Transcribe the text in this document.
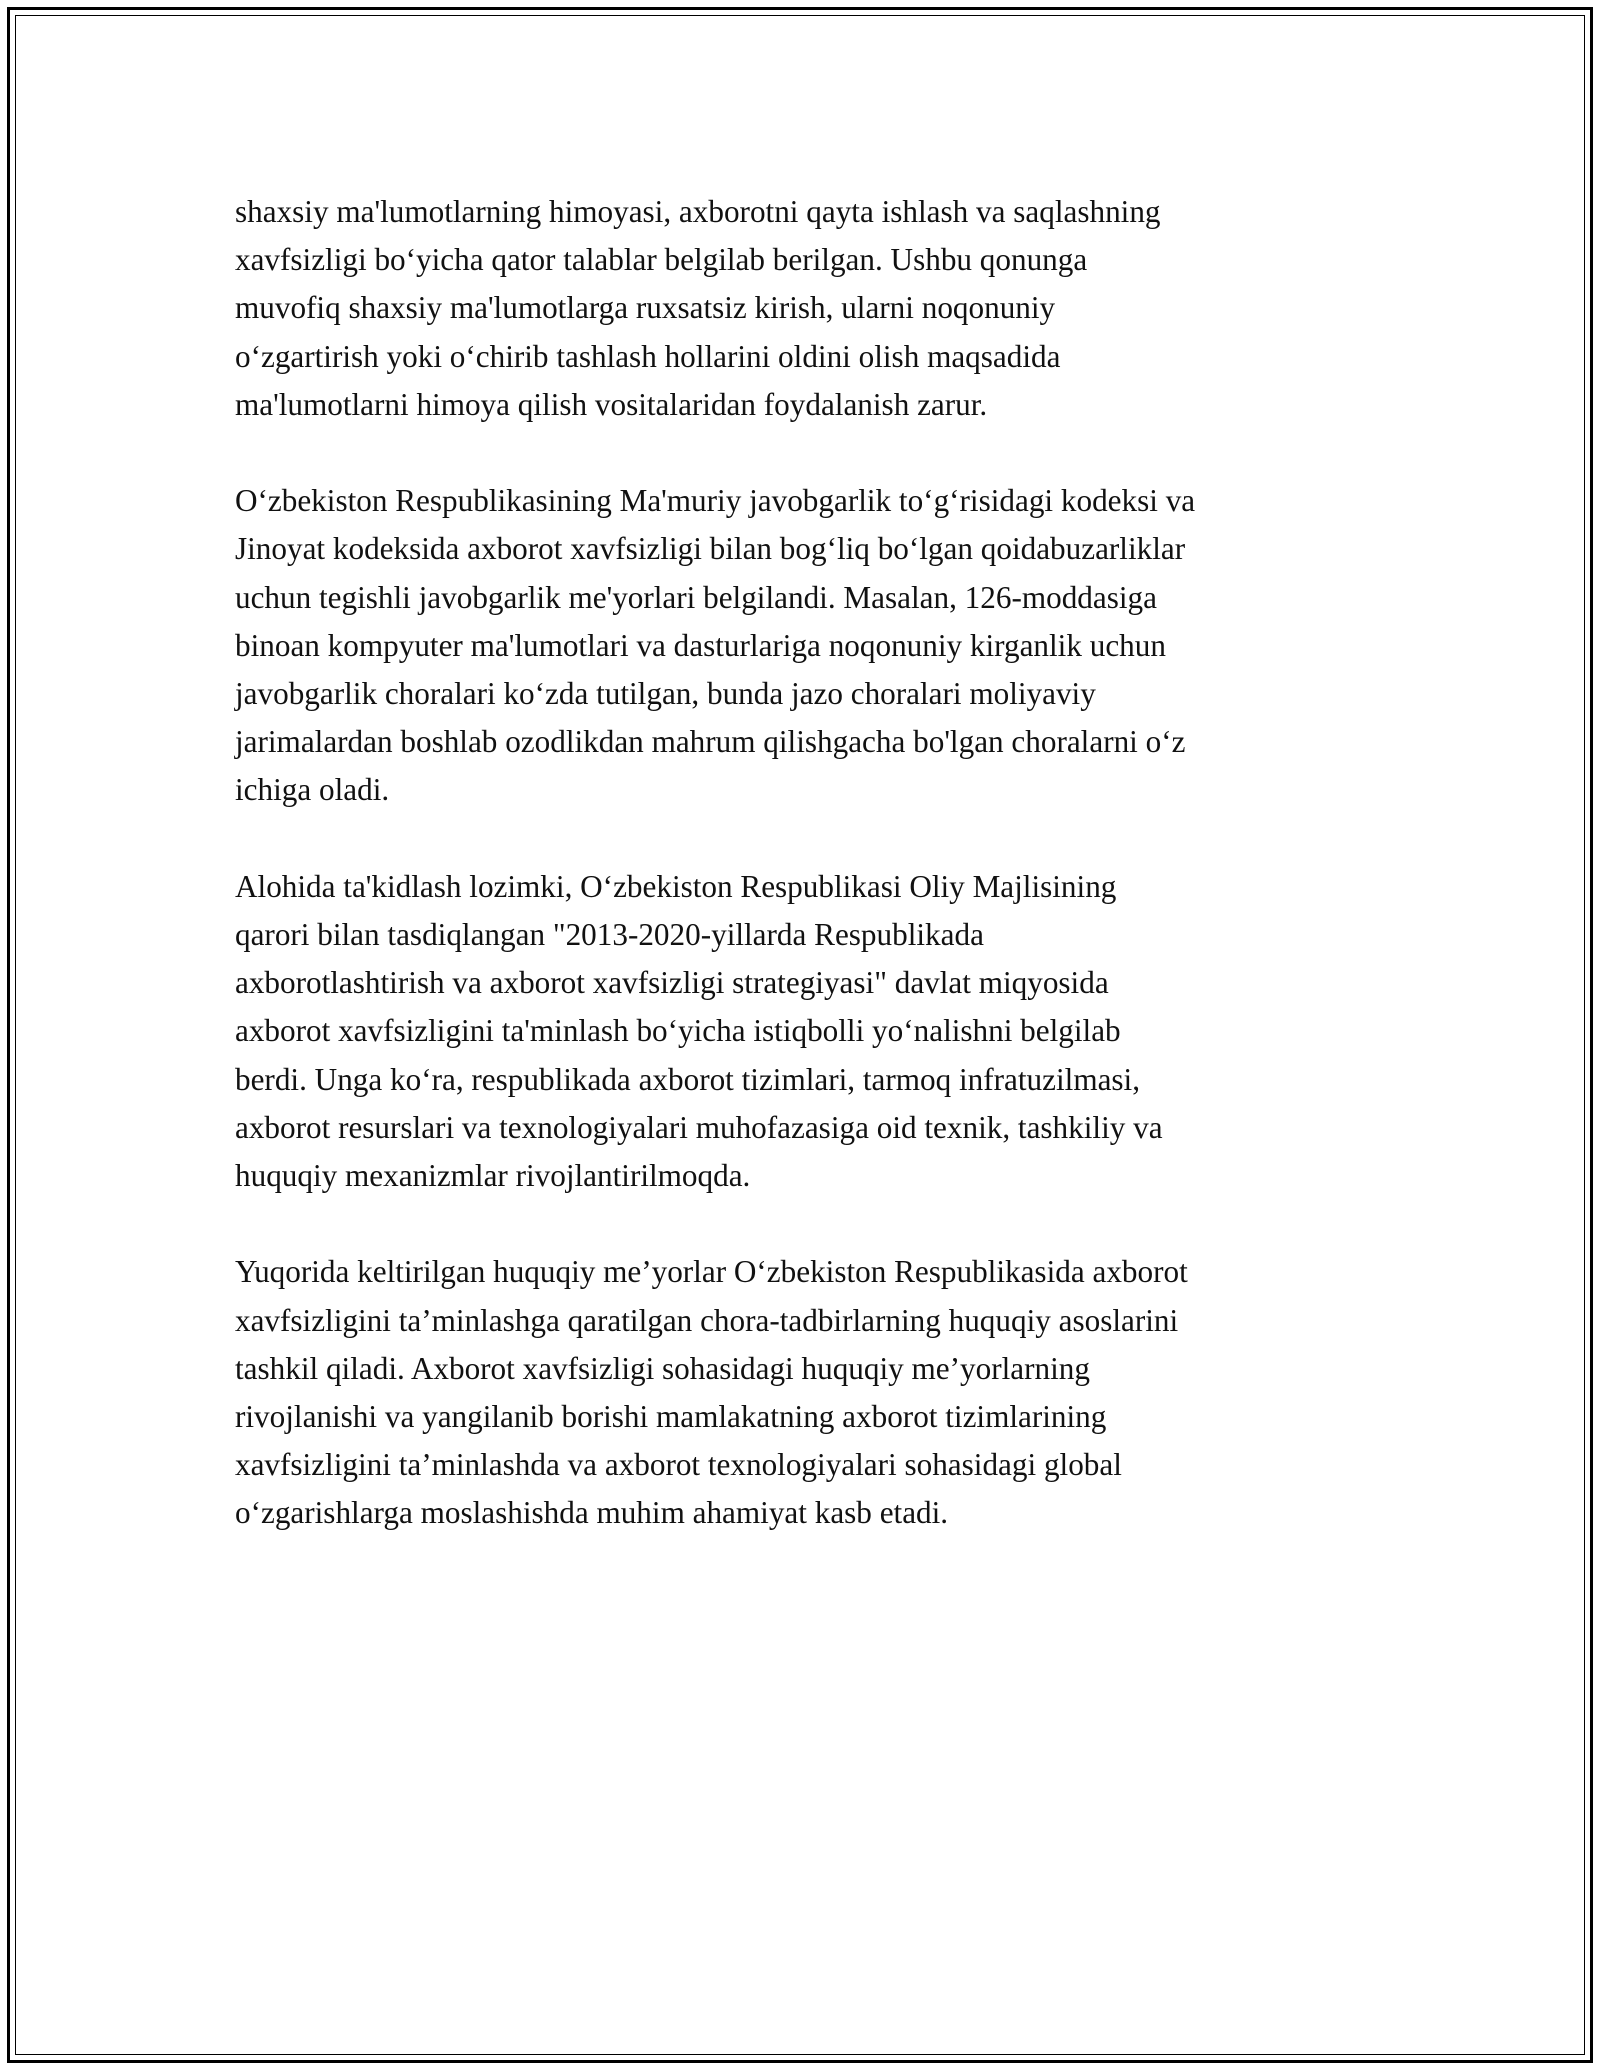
shaxsiy ma'lumotlarning himoyasi, axborotni qayta ishlash va saqlashning
xavfsizligi bo‘yicha qator talablar belgilab berilgan. Ushbu qonunga
muvofiq shaxsiy ma'lumotlarga ruxsatsiz kirish, ularni noqonuniy
o‘zgartirish yoki o‘chirib tashlash hollarini oldini olish maqsadida
ma'lumotlarni himoya qilish vositalaridan foydalanish zarur.

O‘zbekiston Respublikasining Ma'muriy javobgarlik to‘g‘risidagi kodeksi va
Jinoyat kodeksida axborot xavfsizligi bilan bog‘liq bo‘lgan qoidabuzarliklar
uchun tegishli javobgarlik me'yorlari belgilandi. Masalan, 126-moddasiga
binoan kompyuter ma'lumotlari va dasturlariga noqonuniy kirganlik uchun
javobgarlik choralari ko‘zda tutilgan, bunda jazo choralari moliyaviy
jarimalardan boshlab ozodlikdan mahrum qilishgacha bo'lgan choralarni o‘z
ichiga oladi.

Alohida ta'kidlash lozimki, O‘zbekiston Respublikasi Oliy Majlisining
qarori bilan tasdiqlangan "2013-2020-yillarda Respublikada
axborotlashtirish va axborot xavfsizligi strategiyasi" davlat miqyosida
axborot xavfsizligini ta'minlash bo‘yicha istiqbolli yo‘nalishni belgilab
berdi. Unga ko‘ra, respublikada axborot tizimlari, tarmoq infratuzilmasi,
axborot resurslari va texnologiyalari muhofazasiga oid texnik, tashkiliy va
huquqiy mexanizmlar rivojlantirilmoqda.

Yuqorida keltirilgan huquqiy me’yorlar O‘zbekiston Respublikasida axborot
xavfsizligini ta’minlashga qaratilgan chora-tadbirlarning huquqiy asoslarini
tashkil qiladi. Axborot xavfsizligi sohasidagi huquqiy me’yorlarning
rivojlanishi va yangilanib borishi mamlakatning axborot tizimlarining
xavfsizligini ta’minlashda va axborot texnologiyalari sohasidagi global
o‘zgarishlarga moslashishda muhim ahamiyat kasb etadi.
